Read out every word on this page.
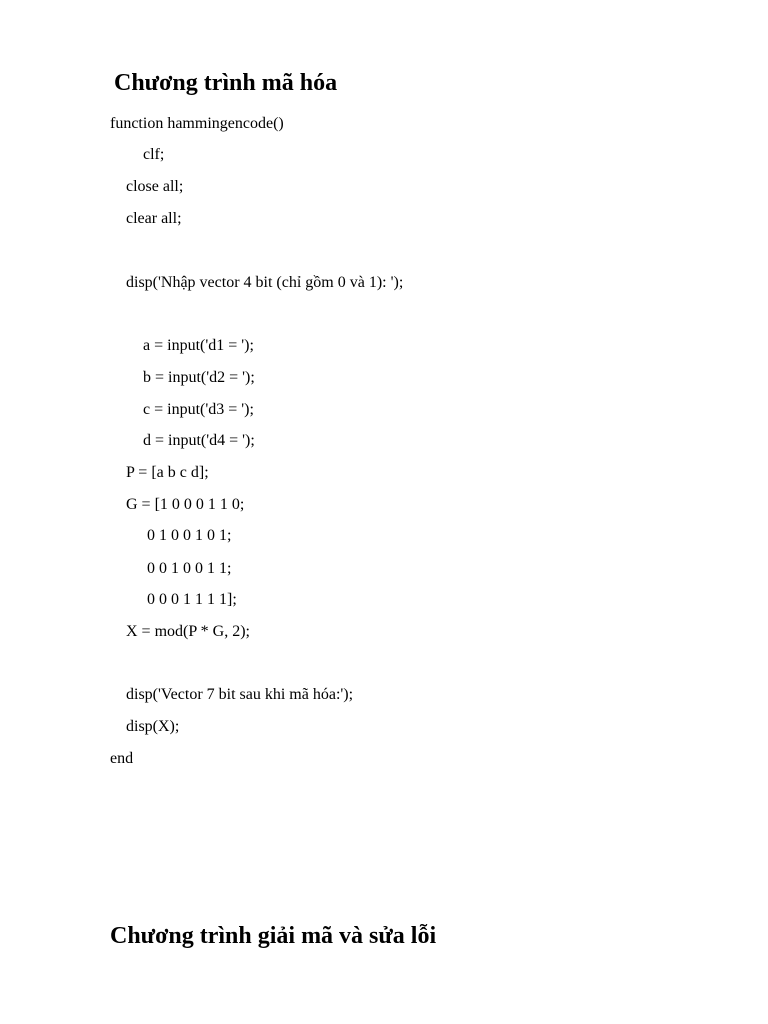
Chương trình mã hóa
function hammingencode()
clf;
close all;
clear all;
disp('Nhập vector 4 bit (chỉ gồm 0 và 1): ');
a = input('d1 = ');
b = input('d2 = ');
c = input('d3 = ');
d = input('d4 = ');
P = [a b c d];
G = [1 0 0 0 1 1 0;
0 1 0 0 1 0 1;
0 0 1 0 0 1 1;
0 0 0 1 1 1 1];
X = mod(P * G, 2);
disp('Vector 7 bit sau khi mã hóa:');
disp(X);
end
Chương trình giải mã và sửa lỗi
